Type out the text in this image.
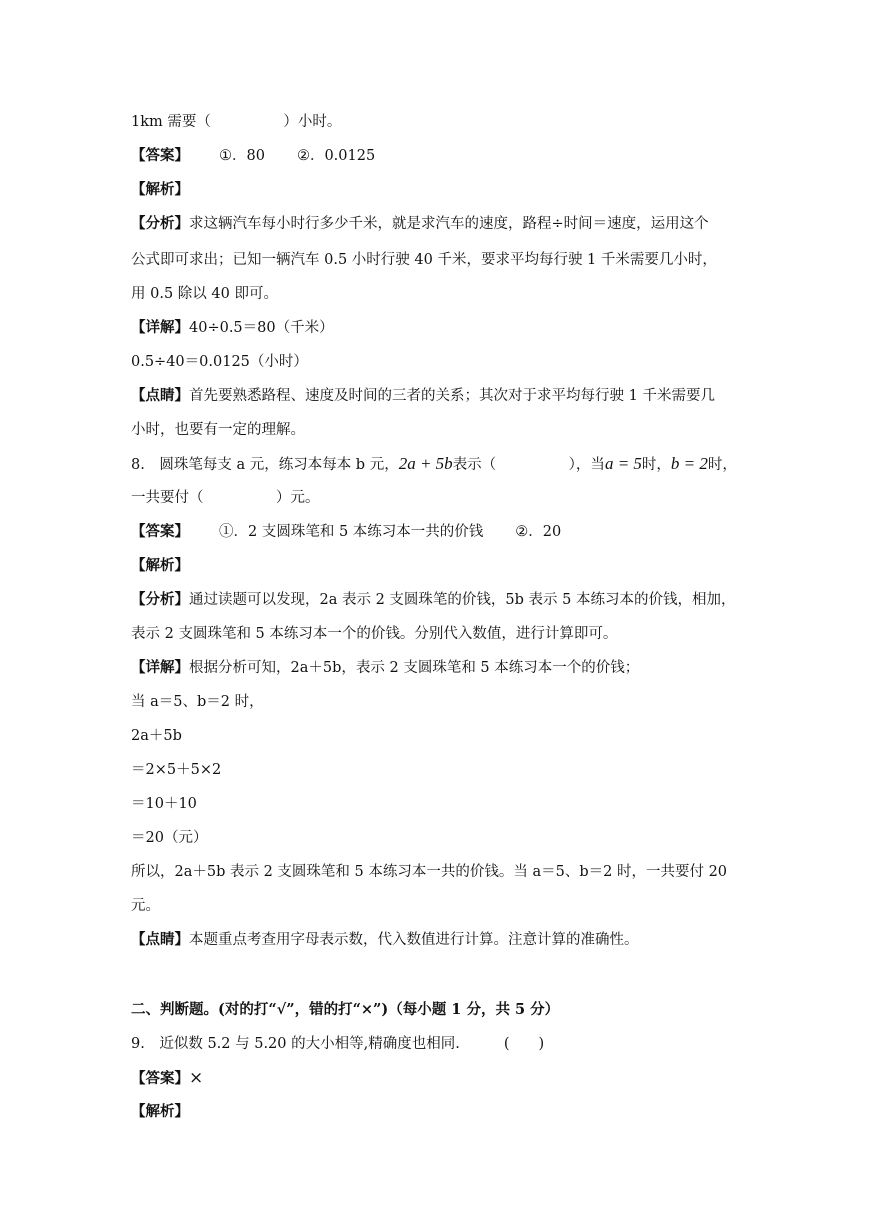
1km 需要（　　　　　）小时。
【答案】 ①．80 ②．0.0125
【解析】
【分析】求这辆汽车每小时行多少千米，就是求汽车的速度，路程÷时间＝速度，运用这个
公式即可求出；已知一辆汽车 0.5 小时行驶 40 千米，要求平均每行驶 1 千米需要几小时，
用 0.5 除以 40 即可。
【详解】40÷0.5＝80（千米）
0.5÷40＝0.0125（小时）
【点睛】首先要熟悉路程、速度及时间的三者的关系；其次对于求平均每行驶 1 千米需要几
小时，也要有一定的理解。
8.　圆珠笔每支 a 元，练习本每本 b 元，2a + 5b表示（　　　　　），当a = 5时，b = 2时，
一共要付（　　　　　）元。
【答案】 ①．2 支圆珠笔和 5 本练习本一共的价钱 ②．20
【解析】
【分析】通过读题可以发现，2a 表示 2 支圆珠笔的价钱，5b 表示 5 本练习本的价钱，相加，
表示 2 支圆珠笔和 5 本练习本一个的价钱。分别代入数值，进行计算即可。
【详解】根据分析可知，2a＋5b，表示 2 支圆珠笔和 5 本练习本一个的价钱；
当 a＝5、b＝2 时，
2a＋5b
＝2×5＋5×2
＝10＋10
＝20（元）
所以，2a＋5b 表示 2 支圆珠笔和 5 本练习本一共的价钱。当 a＝5、b＝2 时，一共要付 20
元。
【点睛】本题重点考查用字母表示数，代入数值进行计算。注意计算的准确性。
二、判断题。(对的打“√”，错的打“×”)（每小题 1 分，共 5 分）
9.　近似数 5.2 与 5.20 的大小相等,精确度也相同.	(　　)
【答案】×
【解析】
